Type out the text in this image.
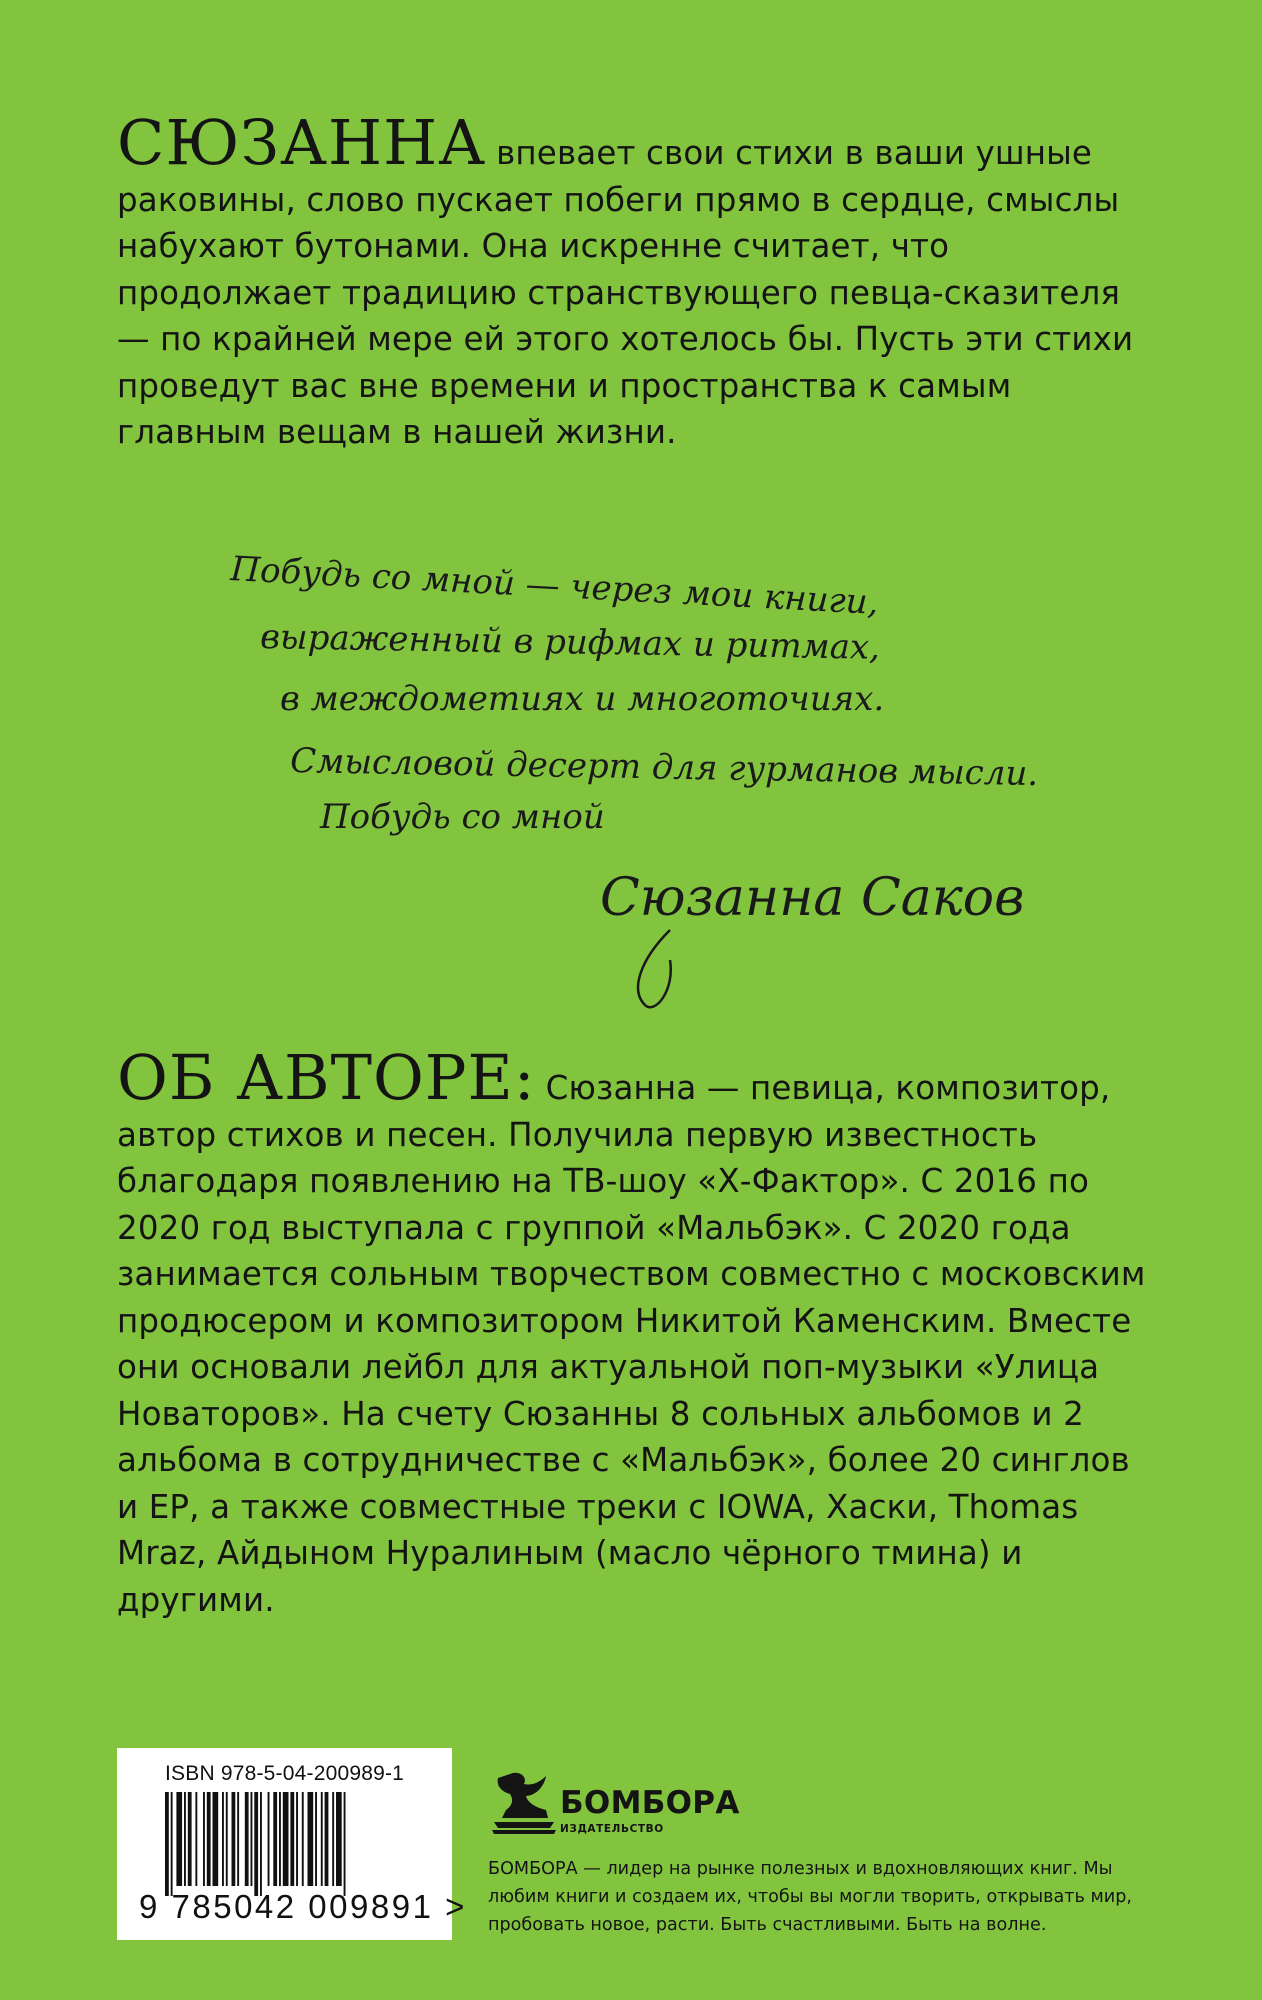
СЮЗАННА впевает свои стихи в ваши ушные раковины, слово пускает побеги прямо в сердце, смыслы набухают бутонами. Она искренне считает, что продолжает традицию странствующего певца-сказителя — по крайней мере ей этого хотелось бы. Пусть эти стихи проведут вас вне времени и пространства к самым главным вещам в нашей жизни.

Побудь со мной — через мои книги,
выраженный в рифмах и ритмах,
в междометиях и многоточиях.
Смысловой десерт для гурманов мысли.
Побудь со мной
Сюзанна Саков

ОБ АВТОРЕ: Сюзанна — певица, композитор, автор стихов и песен. Получила первую известность благодаря появлению на ТВ-шоу «Х-Фактор». С 2016 по 2020 год выступала с группой «Мальбэк». С 2020 года занимается сольным творчеством совместно с московским продюсером и композитором Никитой Каменским. Вместе они основали лейбл для актуальной поп-музыки «Улица Новаторов». На счету Сюзанны 8 сольных альбомов и 2 альбома в сотрудничестве с «Мальбэк», более 20 синглов и EP, а также совместные треки с IOWA, Хаски, Thomas Mraz, Айдыном Нуралиным (масло чёрного тмина) и другими.

ISBN 978-5-04-200989-1
9 785042 009891 >
БОМБОРА
ИЗДАТЕЛЬСТВО

БОМБОРА — лидер на рынке полезных и вдохновляющих книг. Мы любим книги и создаем их, чтобы вы могли творить, открывать мир, пробовать новое, расти. Быть счастливыми. Быть на волне.
